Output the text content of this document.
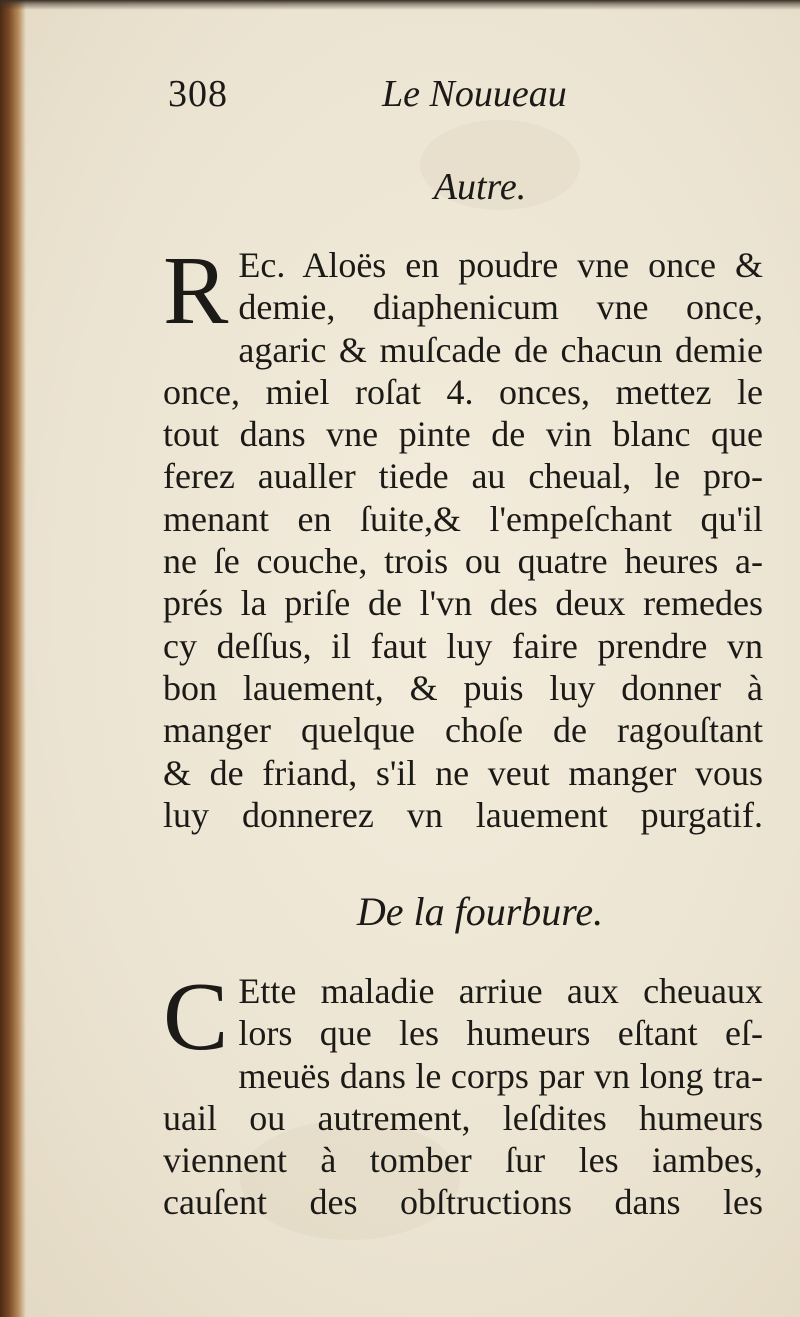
308	Le Nouueau
Autre.
R Ec. Aloës en poudre vne once &
demie, diaphenicum vne once,
agaric & muſcade de chacun demie
once, miel roſat 4. onces, mettez le
tout dans vne pinte de vin blanc que
ferez aualler tiede au cheual, le pro-
menant en ſuite,& l'empeſchant qu'il
ne ſe couche, trois ou quatre heures a-
prés la priſe de l'vn des deux remedes
cy deſſus, il faut luy faire prendre vn
bon lauement, & puis luy donner à
manger quelque choſe de ragouſtant
& de friand, s'il ne veut manger vous
luy donnerez vn lauement purgatif.
De la fourbure.
C Ette maladie arriue aux cheuaux
lors que les humeurs eſtant eſ-
meuës dans le corps par vn long tra-
uail ou autrement, leſdites humeurs
viennent à tomber ſur les iambes,
cauſent des obſtructions dans les
